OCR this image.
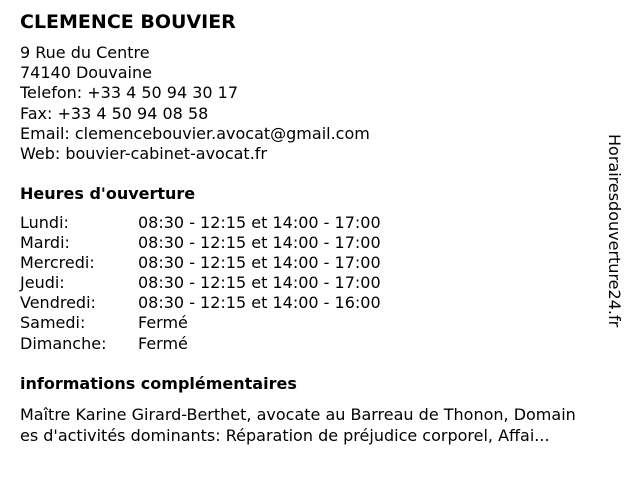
CLEMENCE BOUVIER
9 Rue du Centre
74140 Douvaine
Telefon: +33 4 50 94 30 17
Fax: +33 4 50 94 08 58
Email: clemencebouvier.avocat@gmail.com
Web: bouvier-cabinet-avocat.fr
Heures d'ouverture
Lundi:	08:30 - 12:15 et 14:00 - 17:00
Mardi:	08:30 - 12:15 et 14:00 - 17:00
Mercredi:	08:30 - 12:15 et 14:00 - 17:00
Jeudi:	08:30 - 12:15 et 14:00 - 17:00
Vendredi:	08:30 - 12:15 et 14:00 - 16:00
Samedi:	Fermé
Dimanche: Fermé
informations complémentaires
Maître Karine Girard-Berthet, avocate au Barreau de Thonon, Domain
es d'activités dominants: Réparation de préjudice corporel, Affai...
Horairesdouverture24.fr
